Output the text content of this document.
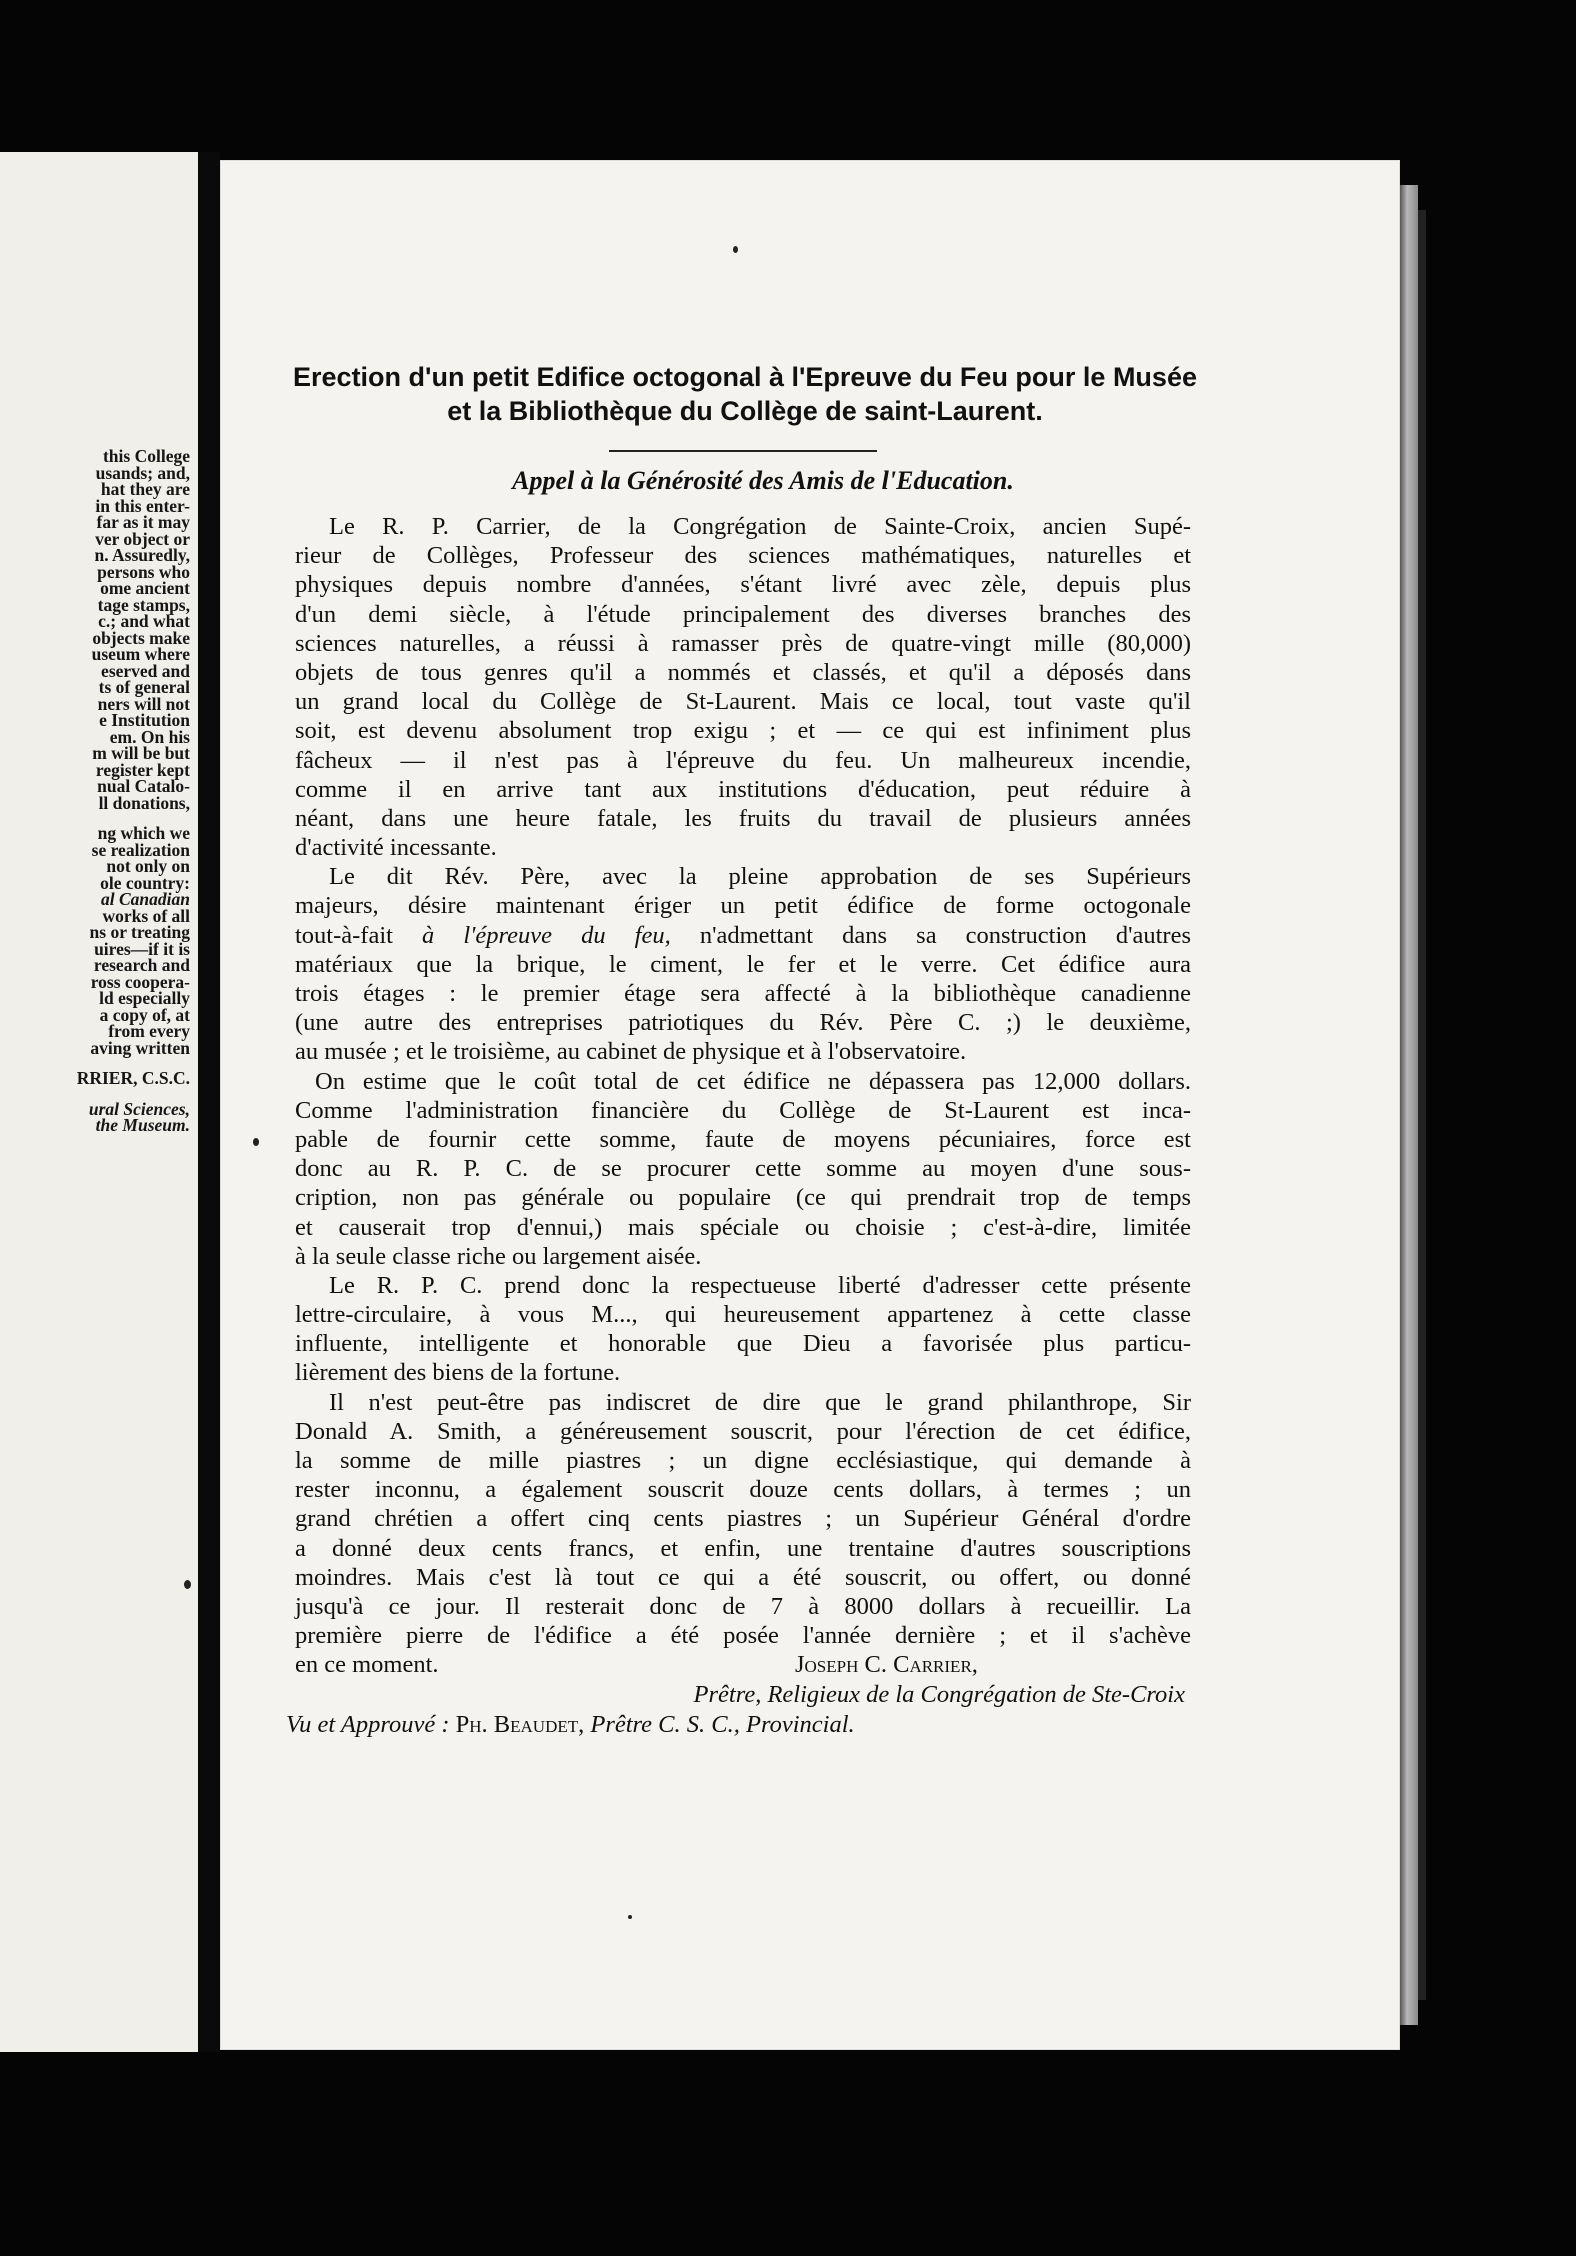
this College
usands; and,
hat they are
in this enter-
far as it may
ver object or
n. Assuredly,
persons who
ome ancient
tage stamps,
c.; and what
objects make
useum where
eserved and
ts of general
ners will not
e Institution
em. On his
m will be but
register kept
nual Catalo-
ll donations,
ng which we
se realization
not only on
ole country:
al Canadian
works of all
ns or treating
uires—if it is
research and
ross coopera-
ld especially
a copy of, at
from every
aving written
RRIER, C.S.C.
ural Sciences,
the Museum.
Erection d'un petit Edifice octogonal à l'Epreuve du Feu pour le Musée
et la Bibliothèque du Collège de saint-Laurent.
Appel à la Générosité des Amis de l'Education.
Le R. P. Carrier, de la Congrégation de Sainte-Croix, ancien Supé-
rieur de Collèges, Professeur des sciences mathématiques, naturelles et
physiques depuis nombre d'années, s'étant livré avec zèle, depuis plus
d'un demi siècle, à l'étude principalement des diverses branches des
sciences naturelles, a réussi à ramasser près de quatre-vingt mille (80,000)
objets de tous genres qu'il a nommés et classés, et qu'il a déposés dans
un grand local du Collège de St-Laurent. Mais ce local, tout vaste qu'il
soit, est devenu absolument trop exigu ; et — ce qui est infiniment plus
fâcheux — il n'est pas à l'épreuve du feu. Un malheureux incendie,
comme il en arrive tant aux institutions d'éducation, peut réduire à
néant, dans une heure fatale, les fruits du travail de plusieurs années
d'activité incessante.
Le dit Rév. Père, avec la pleine approbation de ses Supérieurs
majeurs, désire maintenant ériger un petit édifice de forme octogonale
tout-à-fait à l'épreuve du feu, n'admettant dans sa construction d'autres
matériaux que la brique, le ciment, le fer et le verre. Cet édifice aura
trois étages : le premier étage sera affecté à la bibliothèque canadienne
(une autre des entreprises patriotiques du Rév. Père C. ;) le deuxième,
au musée ; et le troisième, au cabinet de physique et à l'observatoire.
On estime que le coût total de cet édifice ne dépassera pas 12,000 dollars.
Comme l'administration financière du Collège de St-Laurent est inca-
pable de fournir cette somme, faute de moyens pécuniaires, force est
donc au R. P. C. de se procurer cette somme au moyen d'une sous-
cription, non pas générale ou populaire (ce qui prendrait trop de temps
et causerait trop d'ennui,) mais spéciale ou choisie ; c'est-à-dire, limitée
à la seule classe riche ou largement aisée.
Le R. P. C. prend donc la respectueuse liberté d'adresser cette présente
lettre-circulaire, à vous M..., qui heureusement appartenez à cette classe
influente, intelligente et honorable que Dieu a favorisée plus particu-
lièrement des biens de la fortune.
Il n'est peut-être pas indiscret de dire que le grand philanthrope, Sir
Donald A. Smith, a généreusement souscrit, pour l'érection de cet édifice,
la somme de mille piastres ; un digne ecclésiastique, qui demande à
rester inconnu, a également souscrit douze cents dollars, à termes ; un
grand chrétien a offert cinq cents piastres ; un Supérieur Général d'ordre
a donné deux cents francs, et enfin, une trentaine d'autres souscriptions
moindres. Mais c'est là tout ce qui a été souscrit, ou offert, ou donné
jusqu'à ce jour. Il resterait donc de 7 à 8000 dollars à recueillir. La
première pierre de l'édifice a été posée l'année dernière ; et il s'achève
en ce moment.	Joseph C. Carrier,
Prêtre, Religieux de la Congrégation de Ste-Croix
Vu et Approuvé : Ph. Beaudet, Prêtre C. S. C., Provincial.
